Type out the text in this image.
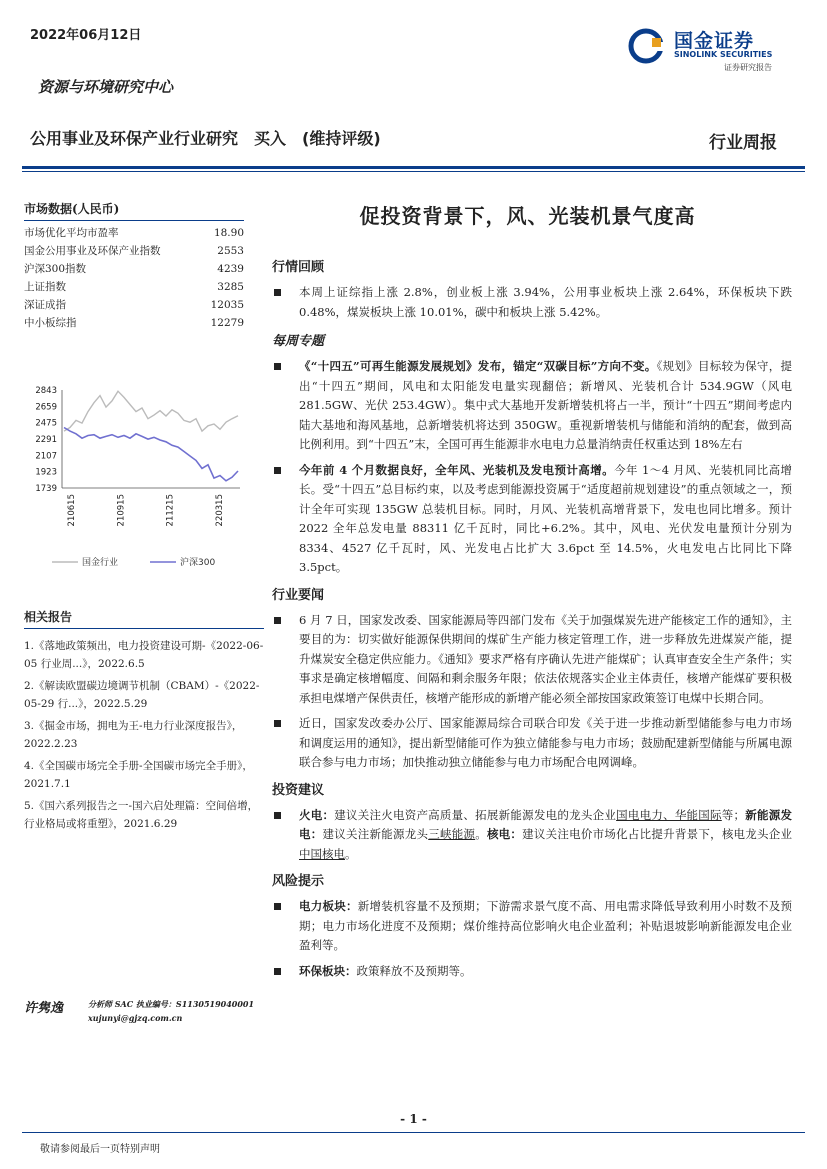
2022年06月12日	国金证券
SINOLINK SECURITIES
证券研究报告
资源与环境研究中心
公用事业及环保产业行业研究　买入　(维持评级)	行业周报
市场数据(人民币)
市场优化平均市盈率	18.90
国金公用事业及环保产业指数	2553
沪深300指数	4239
上证指数	3285
深证成指	12035
中小板综指	12279
2843
2659
2475
2291
2107
1923
1739
210615	210915	211215	220315
国金行业	沪深300
相关报告
1.《落地政策频出，电力投资建设可期-《2022-06-05 行业周...》，2022.6.5
2.《解读欧盟碳边境调节机制（CBAM）-《2022-05-29 行...》，2022.5.29
3.《掘金市场，拥电为王-电力行业深度报告》，2022.2.23
4.《全国碳市场完全手册-全国碳市场完全手册》，2021.7.1
5.《国六系列报告之一-国六启处理篇：空间倍增，行业格局或将重塑》，2021.6.29
许隽逸	分析师 SAC 执业编号：S1130519040001
xujunyi@gjzq.com.cn
促投资背景下，风、光装机景气度高
行情回顾
本周上证综指上涨 2.8%，创业板上涨 3.94%，公用事业板块上涨 2.64%，环保板块下跌 0.48%，煤炭板块上涨 10.01%，碳中和板块上涨 5.42%。
每周专题
《“十四五”可再生能源发展规划》发布，锚定“双碳目标”方向不变。《规划》目标较为保守，提出“十四五”期间，风电和太阳能发电量实现翻倍；新增风、光装机合计 534.9GW（风电 281.5GW、光伏 253.4GW）。集中式大基地开发新增装机将占一半，预计“十四五”期间考虑内陆大基地和海风基地，总新增装机将达到 350GW。重视新增装机与储能和消纳的配套，做到高比例利用。到“十四五”末，全国可再生能源非水电电力总量消纳责任权重达到 18%左右
今年前 4 个月数据良好，全年风、光装机及发电预计高增。今年 1～4 月风、光装机同比高增长。受“十四五”总目标约束，以及考虑到能源投资属于“适度超前规划建设”的重点领域之一，预计全年可实现 135GW 总装机目标。同时，月风、光装机高增背景下，发电也同比增多。预计 2022 全年总发电量 88311 亿千瓦时，同比+6.2%。其中，风电、光伏发电量预计分别为 8334、4527 亿千瓦时，风、光发电占比扩大 3.6pct 至 14.5%，火电发电占比同比下降 3.5pct。
行业要闻
6 月 7 日，国家发改委、国家能源局等四部门发布《关于加强煤炭先进产能核定工作的通知》，主要目的为：切实做好能源保供期间的煤矿生产能力核定管理工作，进一步释放先进煤炭产能，提升煤炭安全稳定供应能力。《通知》要求严格有序确认先进产能煤矿；认真审查安全生产条件；实事求是确定核增幅度、间隔和剩余服务年限；依法依规落实企业主体责任，核增产能煤矿要积极承担电煤增产保供责任，核增产能形成的新增产能必须全部按国家政策签订电煤中长期合同。
近日，国家发改委办公厅、国家能源局综合司联合印发《关于进一步推动新型储能参与电力市场和调度运用的通知》，提出新型储能可作为独立储能参与电力市场；鼓励配建新型储能与所属电源联合参与电力市场；加快推动独立储能参与电力市场配合电网调峰。
投资建议
火电：建议关注火电资产高质量、拓展新能源发电的龙头企业国电电力、华能国际等；新能源发电：建议关注新能源龙头三峡能源。核电：建议关注电价市场化占比提升背景下，核电龙头企业中国核电。
风险提示
电力板块：新增装机容量不及预期；下游需求景气度不高、用电需求降低导致利用小时数不及预期；电力市场化进度不及预期；煤价维持高位影响火电企业盈利；补贴退坡影响新能源发电企业盈利等。
环保板块：政策释放不及预期等。
- 1 -
敬请参阅最后一页特别声明
